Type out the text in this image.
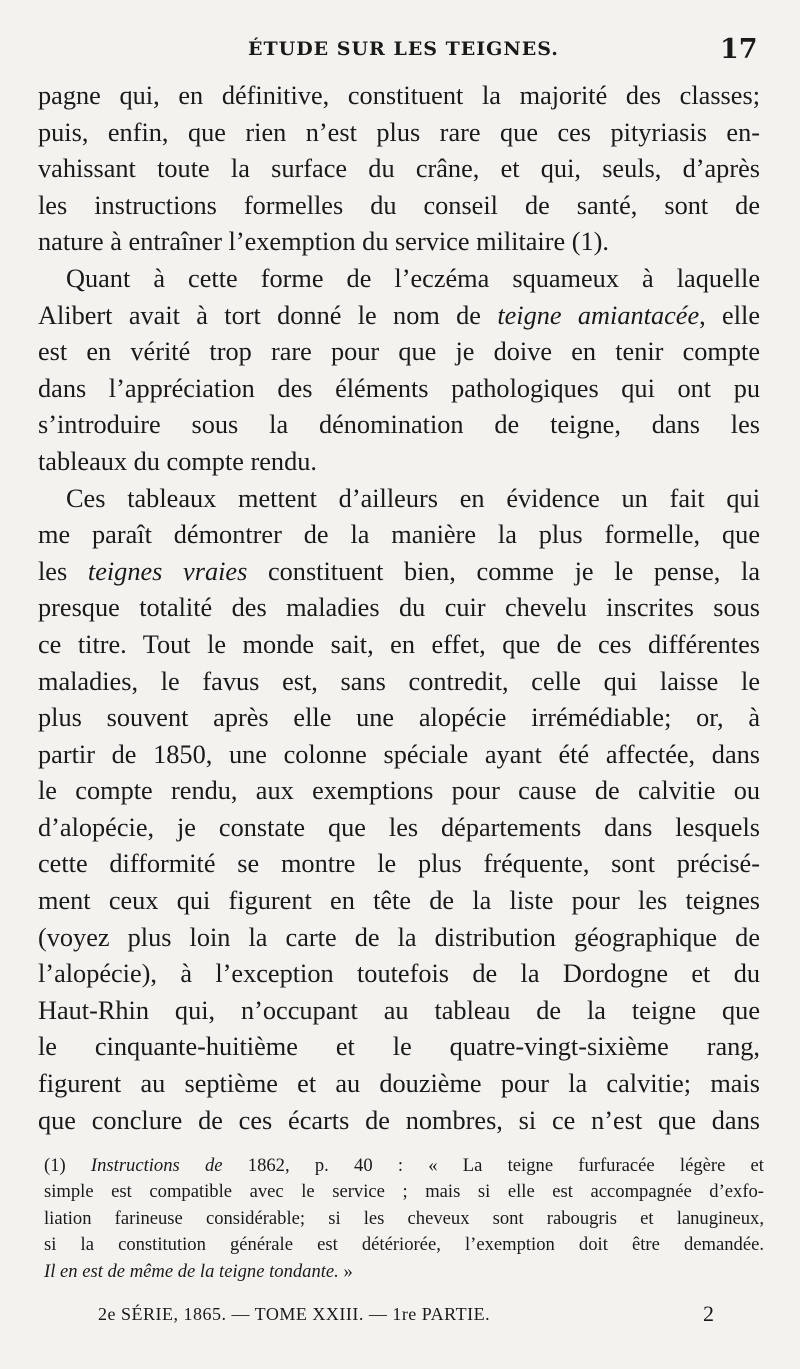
ÉTUDE SUR LES TEIGNES.	17
pagne qui, en définitive, constituent la majorité des classes;
puis, enfin, que rien n’est plus rare que ces pityriasis en-
vahissant toute la surface du crâne, et qui, seuls, d’après
les instructions formelles du conseil de santé, sont de
nature à entraîner l’exemption du service militaire (1).
Quant à cette forme de l’eczéma squameux à laquelle
Alibert avait à tort donné le nom de teigne amiantacée, elle
est en vérité trop rare pour que je doive en tenir compte
dans l’appréciation des éléments pathologiques qui ont pu
s’introduire sous la dénomination de teigne, dans les
tableaux du compte rendu.
Ces tableaux mettent d’ailleurs en évidence un fait qui
me paraît démontrer de la manière la plus formelle, que
les teignes vraies constituent bien, comme je le pense, la
presque totalité des maladies du cuir chevelu inscrites sous
ce titre. Tout le monde sait, en effet, que de ces différentes
maladies, le favus est, sans contredit, celle qui laisse le
plus souvent après elle une alopécie irrémédiable; or, à
partir de 1850, une colonne spéciale ayant été affectée, dans
le compte rendu, aux exemptions pour cause de calvitie ou
d’alopécie, je constate que les départements dans lesquels
cette difformité se montre le plus fréquente, sont précisé-
ment ceux qui figurent en tête de la liste pour les teignes
(voyez plus loin la carte de la distribution géographique de
l’alopécie), à l’exception toutefois de la Dordogne et du
Haut-Rhin qui, n’occupant au tableau de la teigne que
le cinquante-huitième et le quatre-vingt-sixième rang,
figurent au septième et au douzième pour la calvitie; mais
que conclure de ces écarts de nombres, si ce n’est que dans
(1) Instructions de 1862, p. 40 : « La teigne furfuracée légère et
simple est compatible avec le service ; mais si elle est accompagnée d’exfo-
liation farineuse considérable; si les cheveux sont rabougris et lanugineux,
si la constitution générale est détériorée, l’exemption doit être demandée.
Il en est de même de la teigne tondante. »
2e SÉRIE, 1865. — TOME XXIII. — 1re PARTIE.	2
